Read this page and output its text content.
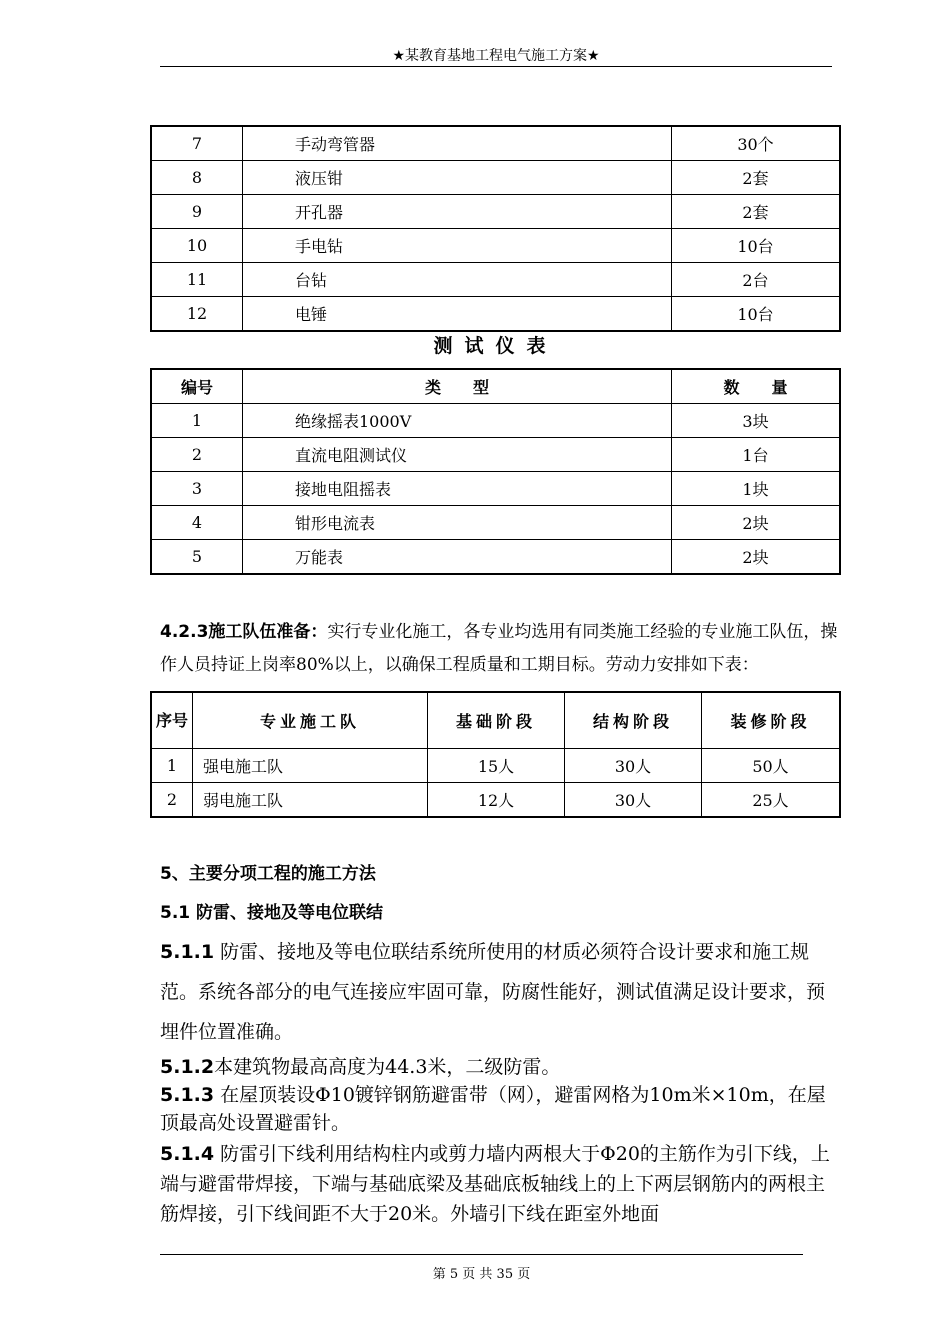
★某教育基地工程电气施工方案★
7	手动弯管器	30个
8	液压钳	2套
9	开孔器	2套
10	手电钻	10台
11	台钻	2台
12	电锤	10台
测试仪表
编号	类　　型	数　　量
1	绝缘摇表1000V	3块
2	直流电阻测试仪	1台
3	接地电阻摇表	1块
4	钳形电流表	2块
5	万能表	2块
4.2.3施工队伍准备：实行专业化施工，各专业均选用有同类施工经验的专业施工队伍，操作人员持证上岗率80%以上，以确保工程质量和工期目标。劳动力安排如下表：
序号	专业施工队	基础阶段	结构阶段	装修阶段
1	强电施工队	15人	30人	50人
2	弱电施工队	12人	30人	25人
5、主要分项工程的施工方法
5.1 防雷、接地及等电位联结
5.1.1 防雷、接地及等电位联结系统所使用的材质必须符合设计要求和施工规范。系统各部分的电气连接应牢固可靠，防腐性能好，测试值满足设计要求，预埋件位置准确。
5.1.2本建筑物最高高度为44.3米，二级防雷。
5.1.3 在屋顶装设Φ10镀锌钢筋避雷带（网），避雷网格为10m米×10m，在屋顶最高处设置避雷针。
5.1.4 防雷引下线利用结构柱内或剪力墙内两根大于Φ20的主筋作为引下线，上端与避雷带焊接，下端与基础底梁及基础底板轴线上的上下两层钢筋内的两根主筋焊接，引下线间距不大于20米。外墙引下线在距室外地面
第 5 页 共 35 页
